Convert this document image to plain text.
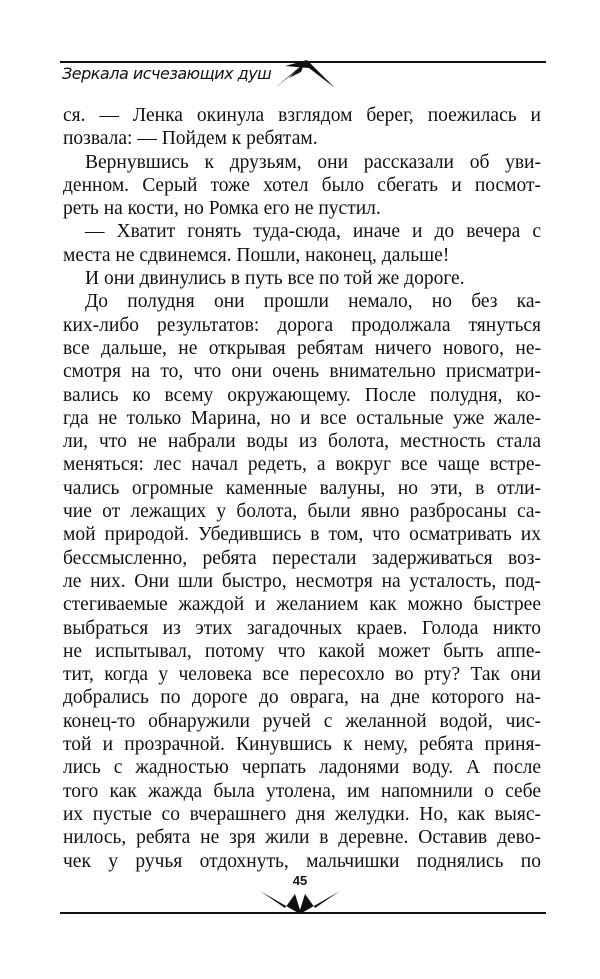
Зеркала исчезающих душ
ся. — Ленка окинула взглядом берег, поежилась и
позвала: — Пойдем к ребятам.
Вернувшись к друзьям, они рассказали об уви-
денном. Серый тоже хотел было сбегать и посмот-
реть на кости, но Ромка его не пустил.
— Хватит гонять туда-сюда, иначе и до вечера с
места не сдвинемся. Пошли, наконец, дальше!
И они двинулись в путь все по той же дороге.
До полудня они прошли немало, но без ка-
ких-либо результатов: дорога продолжала тянуться
все дальше, не открывая ребятам ничего нового, не-
смотря на то, что они очень внимательно присматри-
вались ко всему окружающему. После полудня, ко-
гда не только Марина, но и все остальные уже жале-
ли, что не набрали воды из болота, местность стала
меняться: лес начал редеть, а вокруг все чаще встре-
чались огромные каменные валуны, но эти, в отли-
чие от лежащих у болота, были явно разбросаны са-
мой природой. Убедившись в том, что осматривать их
бессмысленно, ребята перестали задерживаться воз-
ле них. Они шли быстро, несмотря на усталость, под-
стегиваемые жаждой и желанием как можно быстрее
выбраться из этих загадочных краев. Голода никто
не испытывал, потому что какой может быть аппе-
тит, когда у человека все пересохло во рту? Так они
добрались по дороге до оврага, на дне которого на-
конец-то обнаружили ручей с желанной водой, чис-
той и прозрачной. Кинувшись к нему, ребята приня-
лись с жадностью черпать ладонями воду. А после
того как жажда была утолена, им напомнили о себе
их пустые со вчерашнего дня желудки. Но, как выяс-
нилось, ребята не зря жили в деревне. Оставив дево-
чек у ручья отдохнуть, мальчишки поднялись по
45
